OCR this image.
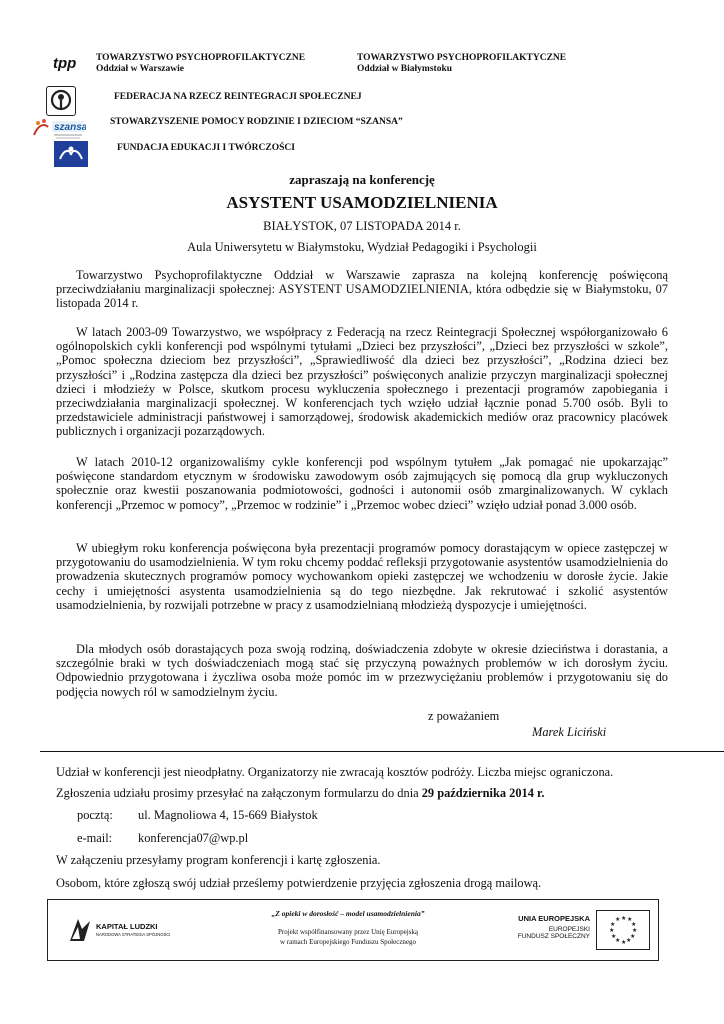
tpp
szansa
TOWARZYSTWO PSYCHOPROFILAKTYCZNE
Oddział w Warszawie
TOWARZYSTWO PSYCHOPROFILAKTYCZNE
Oddział w Białymstoku
FEDERACJA NA RZECZ REINTEGRACJI SPOŁECZNEJ
STOWARZYSZENIE POMOCY RODZINIE I DZIECIOM “SZANSA”
FUNDACJA EDUKACJI I TWÓRCZOŚCI
zapraszają na konferencję
ASYSTENT USAMODZIELNIENIA
BIAŁYSTOK, 07 LISTOPADA 2014 r.
Aula Uniwersytetu w Białymstoku, Wydział Pedagogiki i Psychologii

Towarzystwo Psychoprofilaktyczne Oddział w Warszawie zaprasza na kolejną konferencję poświęconą przeciwdziałaniu marginalizacji społecznej: ASYSTENT USAMODZIELNIENIA, która odbędzie się w Białymstoku, 07 listopada 2014 r.

W latach 2003-09 Towarzystwo, we współpracy z Federacją na rzecz Reintegracji Społecznej współorganizowało 6 ogólnopolskich cykli konferencji pod wspólnymi tytułami „Dzieci bez przyszłości”, „Dzieci bez przyszłości w szkole”, „Pomoc społeczna dzieciom bez przyszłości”, „Sprawiedliwość dla dzieci bez przyszłości”, „Rodzina dzieci bez przyszłości” i „Rodzina zastępcza dla dzieci bez przyszłości” poświęconych analizie przyczyn marginalizacji społecznej dzieci i młodzieży w Polsce, skutkom procesu wykluczenia społecznego i prezentacji programów zapobiegania i przeciwdziałania marginalizacji społecznej. W konferencjach tych wzięło udział łącznie ponad 5.700 osób. Byli to przedstawiciele administracji państwowej i samorządowej, środowisk akademickich mediów oraz pracownicy placówek publicznych i organizacji pozarządowych.

W latach 2010-12 organizowaliśmy cykle konferencji pod wspólnym tytułem „Jak pomagać nie upokarzając” poświęcone standardom etycznym w środowisku zawodowym osób zajmujących się pomocą dla grup wykluczonych społecznie oraz kwestii poszanowania podmiotowości, godności i autonomii osób zmarginalizowanych. W cyklach konferencji „Przemoc w pomocy”, „Przemoc w rodzinie” i „Przemoc wobec dzieci” wzięło udział ponad 3.000 osób.

W ubiegłym roku konferencja poświęcona była prezentacji programów pomocy dorastającym w opiece zastępczej w przygotowaniu do usamodzielnienia. W tym roku chcemy poddać refleksji przygotowanie asystentów usamodzielnienia do prowadzenia skutecznych programów pomocy wychowankom opieki zastępczej we wchodzeniu w dorosłe życie. Jakie cechy i umiejętności asystenta usamodzielnienia są do tego niezbędne. Jak rekrutować i szkolić asystentów usamodzielnienia, by rozwijali potrzebne w pracy z usamodzielnianą młodzieżą dyspozycje i umiejętności.

Dla młodych osób dorastających poza swoją rodziną, doświadczenia zdobyte w okresie dzieciństwa i dorastania, a szczególnie braki w tych doświadczeniach mogą stać się przyczyną poważnych problemów w ich dorosłym życiu. Odpowiednio przygotowana i życzliwa osoba może pomóc im w przezwyciężaniu problemów i przygotowaniu się do podjęcia nowych ról w samodzielnym życiu.

z poważaniem
Marek Liciński
Udział w konferencji jest nieodpłatny. Organizatorzy nie zwracają kosztów podróży. Liczba miejsc ograniczona.
Zgłoszenia udziału prosimy przesyłać na załączonym formularzu do dnia 29 października 2014 r.
pocztą: ul. Magnoliowa 4, 15-669 Białystok
e-mail: konferencja07@wp.pl
W załączeniu przesyłamy program konferencji i kartę zgłoszenia.
Osobom, które zgłoszą swój udział prześlemy potwierdzenie przyjęcia zgłoszenia drogą mailową.
KAPITAŁ LUDZKI
NARODOWA STRATEGIA SPÓJNOŚCI
„Z opieki w dorosłość – model usamodzielnienia”
Projekt współfinansowany przez Unię Europejską
w ramach Europejskiego Funduszu Społecznego
UNIA EUROPEJSKA
EUROPEJSKI
FUNDUSZ SPOŁECZNY
★ ★
★
★
★
★
★
★
★
★
★
★
